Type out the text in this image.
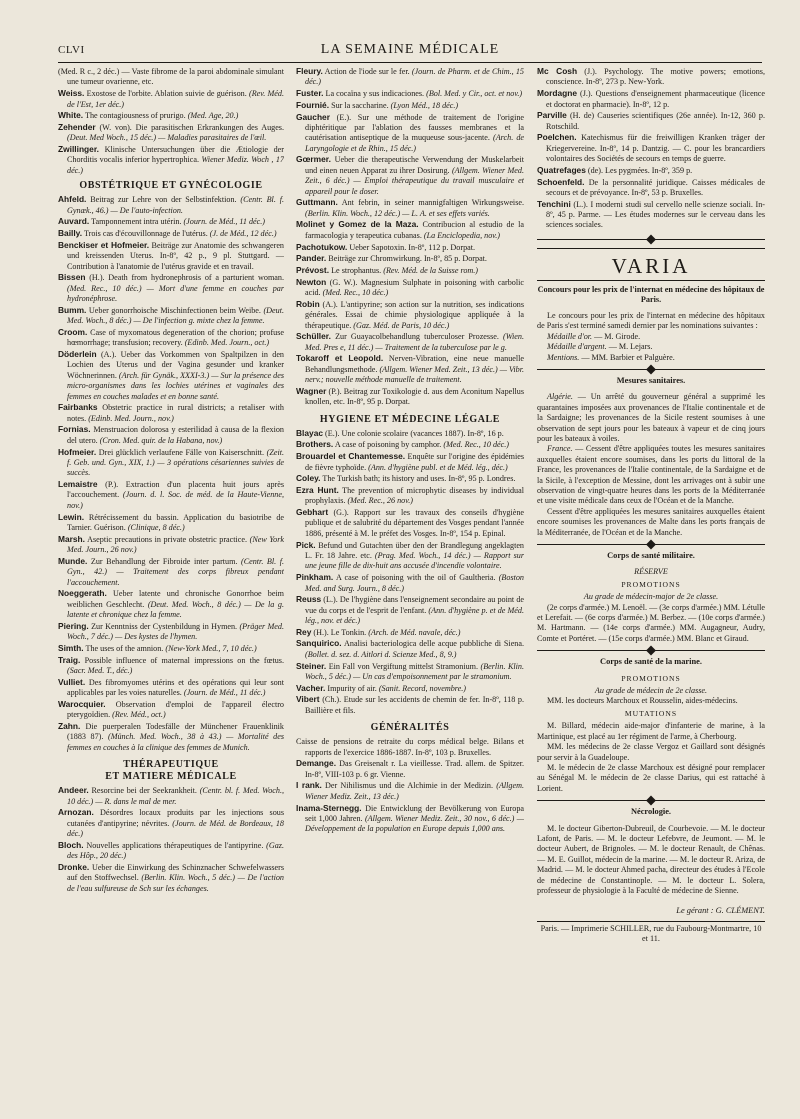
CLVI	LA SEMAINE MÉDICALE

(Med. R c., 2 déc.) — Vaste fibrome de la paroi abdominale simulant une tumeur ovarienne, etc.

Weiss. Exostose de l'orbite. Ablation suivie de guérison. (Rev. Méd. de l'Est, 1er déc.)

White. The contagiousness of prurigo. (Med. Age, 20.)

Zehender (W. von). Die parasitischen Erkrankungen des Auges. (Deut. Med Woch., 15 déc.) — Maladies parasitaires de l'œil.

Zwillinger. Klinische Untersuchungen über die Ætiologie der Chorditis vocalis inferior hypertrophica. Wiener Mediz. Woch , 17 déc.)

OBSTÉTRIQUE ET GYNÉCOLOGIE

Ahfeld. Beitrag zur Lehre von der Selbstinfektion. (Centr. Bl. f. Gynæk., 46.) — De l'auto-infection.

Auvard. Tamponnement intra utérin. (Journ. de Méd., 11 déc.)

Bailly. Trois cas d'écouvillonnage de l'utérus. (J. de Méd., 12 déc.)

Benckiser et Hofmeier. Beiträge zur Anatomie des schwangeren und kreissenden Uterus. In-8º, 42 p., 9 pl. Stuttgard. — Contribution à l'anatomie de l'utérus gravide et en travail.

Bissen (H.). Death from hydronephrosis of a parturient woman. (Med. Rec., 10 déc.) — Mort d'une femme en couches par hydronéphrose.

Bumm. Ueber gonorrhoische Mischinfectionen beim Weibe. (Deut. Med. Woch., 8 déc.) — De l'infection g. mixte chez la femme.

Croom. Case of myxomatous degeneration of the chorion; profuse hœmorrhage; transfusion; recovery. (Edinb. Med. Journ., oct.)

Döderlein (A.). Ueber das Vorkommen von Spaltpilzen in den Lochien des Uterus und der Vagina gesunder und kranker Wöchnerinnen. (Arch. für Gynäk., XXXI-3.) — Sur la présence des micro-organismes dans les lochies utérines et vaginales des femmes en couches malades et en bonne santé.

Fairbanks Obstetric practice in rural districts; a retaliser with notes. (Edinb. Med. Journ., nov.)

Fornias. Menstruacion dolorosa y esterilidad à causa de la flexion del utero. (Cron. Med. quir. de la Habana, nov.)

Hofmeier. Drei glücklich verlaufene Fälle von Kaiserschnitt. (Zeit. f. Geb. und. Gyn., XIX, 1.) — 3 opérations césariennes suivies de succès.

Lemaistre (P.). Extraction d'un placenta huit jours après l'accouchement. (Journ. d. l. Soc. de méd. de la Haute-Vienne, nov.)

Lewin. Rétrécissement du bassin. Application du basiotribe de Tarnier. Guérison. (Clinique, 8 déc.)

Marsh. Aseptic precautions in private obstetric practice. (New York Med. Journ., 26 nov.)

Munde. Zur Behandlung der Fibroide inter partum. (Centr. Bl. f. Gyn., 42.) — Traitement des corps fibreux pendant l'accouchement.

Noeggerath. Ueber latente und chronische Gonorrhoe beim weiblichen Geschlecht. (Deut. Med. Woch., 8 déc.) — De la g. latente et chronique chez la femme.

Piering. Zur Kenntniss der Cystenbildung in Hymen. (Präger Med. Woch., 7 déc.) — Des kystes de l'hymen.

Simth. The uses of the amnion. (New-York Med., 7, 10 déc.)

Traig. Possible influence of maternal impressions on the fœtus. (Sacr. Med. T., déc.)

Vulliet. Des fibromyomes utérins et des opérations qui leur sont applicables par les voies naturelles. (Journ. de Méd., 11 déc.)

Warocquier. Observation d'emploi de l'appareil électro pterygoïdien. (Rev. Méd., oct.)

Zahn. Die puerperalen Todesfälle der Münchener Frauenklinik (1883 87). (Münch. Med. Woch., 38 à 43.) — Mortalité des femmes en couches à la clinique des femmes de Munich.

THÉRAPEUTIQUE
ET MATIERE MÉDICALE

Andeer. Resorcine bei der Seekrankheit. (Centr. bl. f. Med. Woch., 10 déc.) — R. dans le mal de mer.

Arnozan. Désordres locaux produits par les injections sous cutanées d'antipyrine; névrites. (Journ. de Méd. de Bordeaux, 18 déc.)

Bloch. Nouvelles applications thérapeutiques de l'antipyrine. (Gaz. des Hôp., 20 déc.)

Dronke. Ueber die Einwirkung des Schinznacher Schwefelwassers auf den Stoffwechsel. (Berlin. Klin. Woch., 5 déc.) — De l'action de l'eau sulfureuse de Sch sur les échanges.

Fleury. Action de l'iode sur le fer. (Journ. de Pharm. et de Chim., 15 déc.)

Fuster. La cocaïna y sus indicaciones. (Bol. Med. y Cir., oct. et nov.)

Fournié. Sur la saccharine. (Lyon Méd., 18 déc.)

Gaucher (E.). Sur une méthode de traitement de l'origine diphtéritique par l'ablation des fausses membranes et la cautérisation antiseptique de la muqueuse sous-jacente. (Arch. de Laryngologie et de Rhin., 15 déc.)

Gœrmer. Ueber die therapeutische Verwendung der Muskelarbeit und einen neuen Apparat zu ihrer Dosirung. (Allgem. Wiener Med. Zeit., 6 déc.) — Emploi thérapeutique du travail musculaire et appareil pour le doser.

Guttmann. Ant febrin, in seiner mannigfaltigen Wirkungsweise. (Berlin. Klin. Woch., 12 déc.) — L. A. et ses effets variés.

Molinet y Gomez de la Maza. Contribucion al estudio de la farmacologia y terapeutica cubanas. (La Enciclopedia, nov.)

Pachotukow. Ueber Sapotoxin. In-8º, 112 p. Dorpat.

Pander. Beiträge zur Chromwirkung. In-8º, 85 p. Dorpat.

Prévost. Le strophantus. (Rev. Méd. de la Suisse rom.)

Newton (G. W.). Magnesium Sulphate in poisoning with carbolic acid. (Med. Rec., 10 déc.)

Robin (A.). L'antipyrine; son action sur la nutrition, ses indications générales. Essai de chimie physiologique appliquée à la thérapeutique. (Gaz. Méd. de Paris, 10 déc.)

Schüller. Zur Guayacolbehandlung tuberculoser Prozesse. (Wien. Med. Pres e, 11 déc.) — Traitement de la tuberculose par le g.

Tokaroff et Leopold. Nerven-Vibration, eine neue manuelle Behandlungsmethode. (Allgem. Wiener Med. Zeit., 13 déc.) — Vibr. nerv.; nouvelle méthode manuelle de traitement.

Wagner (P.). Beitrag zur Toxikologie d. aus dem Aconitum Napellus knollen, etc. In-8º, 95 p. Dorpat.

HYGIENE ET MÉDECINE LÉGALE

Blayac (E.). Une colonie scolaire (vacances 1887). In-8º, 16 p.

Brothers. A case of poisoning by camphor. (Med. Rec., 10 déc.)

Brouardel et Chantemesse. Enquête sur l'origine des épidémies de fièvre typhoïde. (Ann. d'hygiène publ. et de Méd. lég., déc.)

Coley. The Turkish bath; its history and uses. In-8º, 95 p. Londres.

Ezra Hunt. The prevention of microphytic diseases by individual prophylaxis. (Med. Rec., 26 nov.)

Gebhart (G.). Rapport sur les travaux des conseils d'hygiène publique et de salubrité du département des Vosges pendant l'année 1886, présenté à M. le préfet des Vosges. In-8º, 154 p. Epinal.

Pick. Befund und Gutachten über den der Brandlegung angeklagten L. Fr. 18 Jahre. etc. (Prag. Med. Woch., 14 déc.) — Rapport sur une jeune fille de dix-huit ans accusée d'incendie volontaire.

Pinkham. A case of poisoning with the oil of Gaultheria. (Boston Med. and Surg. Journ., 8 déc.)

Reuss (L.). De l'hygiène dans l'enseignement secondaire au point de vue du corps et de l'esprit de l'enfant. (Ann. d'hygiène p. et de Méd. lég., nov. et déc.)

Rey (H.). Le Tonkin. (Arch. de Méd. navale, déc.)

Sanquirico. Analisi bacteriologica delle acque pubbliche di Siena. (Bollet. d. sez. d. Aitlori d. Scienze Med., 8, 9.)

Steiner. Ein Fall von Vergiftung mittelst Stramonium. (Berlin. Klin. Woch., 5 déc.) — Un cas d'empoisonnement par le stramonium.

Vacher. Impurity of air. (Sanit. Record, novembre.)

Vibert (Ch.). Etude sur les accidents de chemin de fer. In-8º, 118 p. Baillière et fils.

GÉNÉRALITÉS

Caisse de pensions de retraite du corps médical belge. Bilans et rapports de l'exercice 1886-1887. In-8º, 103 p. Bruxelles.

Demange. Das Greisenalt r. La vieillesse. Trad. allem. de Spitzer. In-8º, VIII-103 p. 6 gr. Vienne.

I rank. Der Nihilismus und die Alchimie in der Medizin. (Allgem. Wiener Mediz. Zeit., 13 déc.)

Inama-Sternegg. Die Entwicklung der Bevölkerung von Europa seit 1,000 Jahren. (Allgem. Wiener Mediz. Zeit., 30 nov., 6 déc.) — Développement de la population en Europe depuis 1,000 ans.

Mc Cosh (J.). Psychology. The motive powers; emotions, conscience. In-8º, 273 p. New-York.

Mordagne (J.). Questions d'enseignement pharmaceutique (licence et doctorat en pharmacie). In-8º, 12 p.

Parville (H. de) Causeries scientifiques (26e année). In-12, 360 p. Rotschild.

Poelchen. Katechismus für die freiwilligen Kranken träger der Kriegervereine. In-8º, 14 p. Dantzig. — C. pour les brancardiers volontaires des Sociétés de secours en temps de guerre.

Quatrefages (de). Les pygmées. In-8º, 359 p.

Schoenfeld. De la personnalité juridique. Caisses médicales de secours et de prévoyance. In-8º, 53 p. Bruxelles.

Tenchini (L.). I moderni studi sul cervello nelle scienze sociali. In-8º, 45 p. Parme. — Les études modernes sur le cerveau dans les sciences sociales.

VARIA
Concours pour les prix de l'internat en médecine des hôpitaux de Paris.

Le concours pour les prix de l'internat en médecine des hôpitaux de Paris s'est terminé samedi dernier par les nominations suivantes :

Médaille d'or. — M. Girode.

Médaille d'argent. — M. Lejars.

Mentions. — MM. Barbier et Palguère.

Mesures sanitaires.

Algérie. — Un arrêté du gouverneur général a supprimé les quarantaines imposées aux provenances de l'Italie continentale et de la Sardaigne; les provenances de la Sicile restent soumises à une observation de sept jours pour les bateaux à vapeur et de cinq jours pour les bateaux à voiles.

France. — Cessent d'être appliquées toutes les mesures sanitaires auxquelles étaient encore soumises, dans les ports du littoral de la France, les provenances de l'Italie continentale, de la Sardaigne et de la Sicile, à l'exception de Messine, dont les arrivages ont à subir une observation de vingt-quatre heures dans les ports de la Méditerranée et une visite médicale dans ceux de l'Océan et de la Manche.

Cessent d'être appliquées les mesures sanitaires auxquelles étaient encore soumises les provenances de Malte dans les ports français de la Méditerranée, de l'Océan et de la Manche.

Corps de santé militaire.
RÉSERVE
PROMOTIONS
Au grade de médecin-major de 2e classe.

(2e corps d'armée.) M. Lenoël. — (3e corps d'armée.) MM. Létulle et Lerefait. — (6e corps d'armée.) M. Berbez. — (10e corps d'armée.) M. Hartmann. — (14e corps d'armée.) MM. Augagneur, Audry, Comte et Portéret. — (15e corps d'armée.) MM. Blanc et Giraud.

Corps de santé de la marine.
PROMOTIONS
Au grade de médecin de 2e classe.

MM. les docteurs Marchoux et Rousselin, aides-médecins.

MUTATIONS

M. Billard, médecin aide-major d'infanterie de marine, à la Martinique, est placé au 1er régiment de l'arme, à Cherbourg.

MM. les médecins de 2e classe Vergoz et Gaillard sont désignés pour servir à la Guadeloupe.

M. le médecin de 2e classe Marchoux est désigné pour remplacer au Sénégal M. le médecin de 2e classe Darius, qui est rattaché à Lorient.

Nécrologie.

M. le docteur Giberton-Dubreuil, de Courbevoie. — M. le docteur Lafont, de Paris. — M. le docteur Lefebvre, de Jeumont. — M. le docteur Aubert, de Brignoles. — M. le docteur Renault, de Chênas. — M. E. Guillot, médecin de la marine. — M. le docteur R. Ariza, de Madrid. — M. le docteur Ahmed pacha, directeur des études à l'Ecole de médecine de Constantinople. — M. le docteur L. Solera, professeur de physiologie à la Faculté de médecine de Sienne.

Le gérant : G. CLÉMENT.
Paris. — Imprimerie SCHILLER, rue du Faubourg-Montmartre, 10 et 11.
